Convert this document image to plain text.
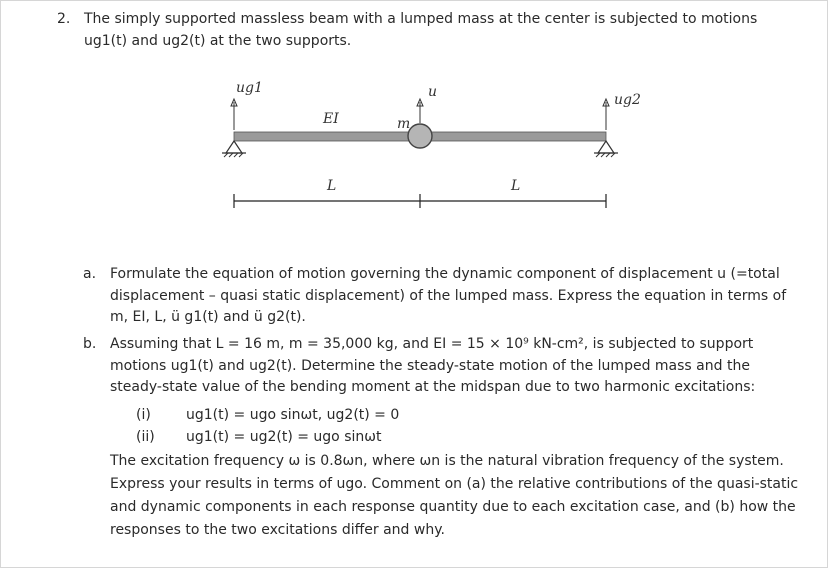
2. The simply supported massless beam with a lumped mass at the center is subjected to motions ug1(t) and ug2(t) at the two supports.
ug1	u	ug2
EI	m
L	L
a. Formulate the equation of motion governing the dynamic component of displacement u (=total displacement – quasi static displacement) of the lumped mass. Express the equation in terms of m, EI, L, ü g1(t) and ü g2(t).
b. Assuming that L = 16 m, m = 35,000 kg, and EI = 15 × 10⁹ kN-cm², is subjected to support motions ug1(t) and ug2(t). Determine the steady-state motion of the lumped mass and the steady-state value of the bending moment at the midspan due to two harmonic excitations:
(i)	ug1(t) = ugo sinωt, ug2(t) = 0
(ii) ug1(t) = ug2(t) = ugo sinωt
The excitation frequency ω is 0.8ωn, where ωn is the natural vibration frequency of the system. Express your results in terms of ugo. Comment on (a) the relative contributions of the quasi-static and dynamic components in each response quantity due to each excitation case, and (b) how the responses to the two excitations differ and why.
